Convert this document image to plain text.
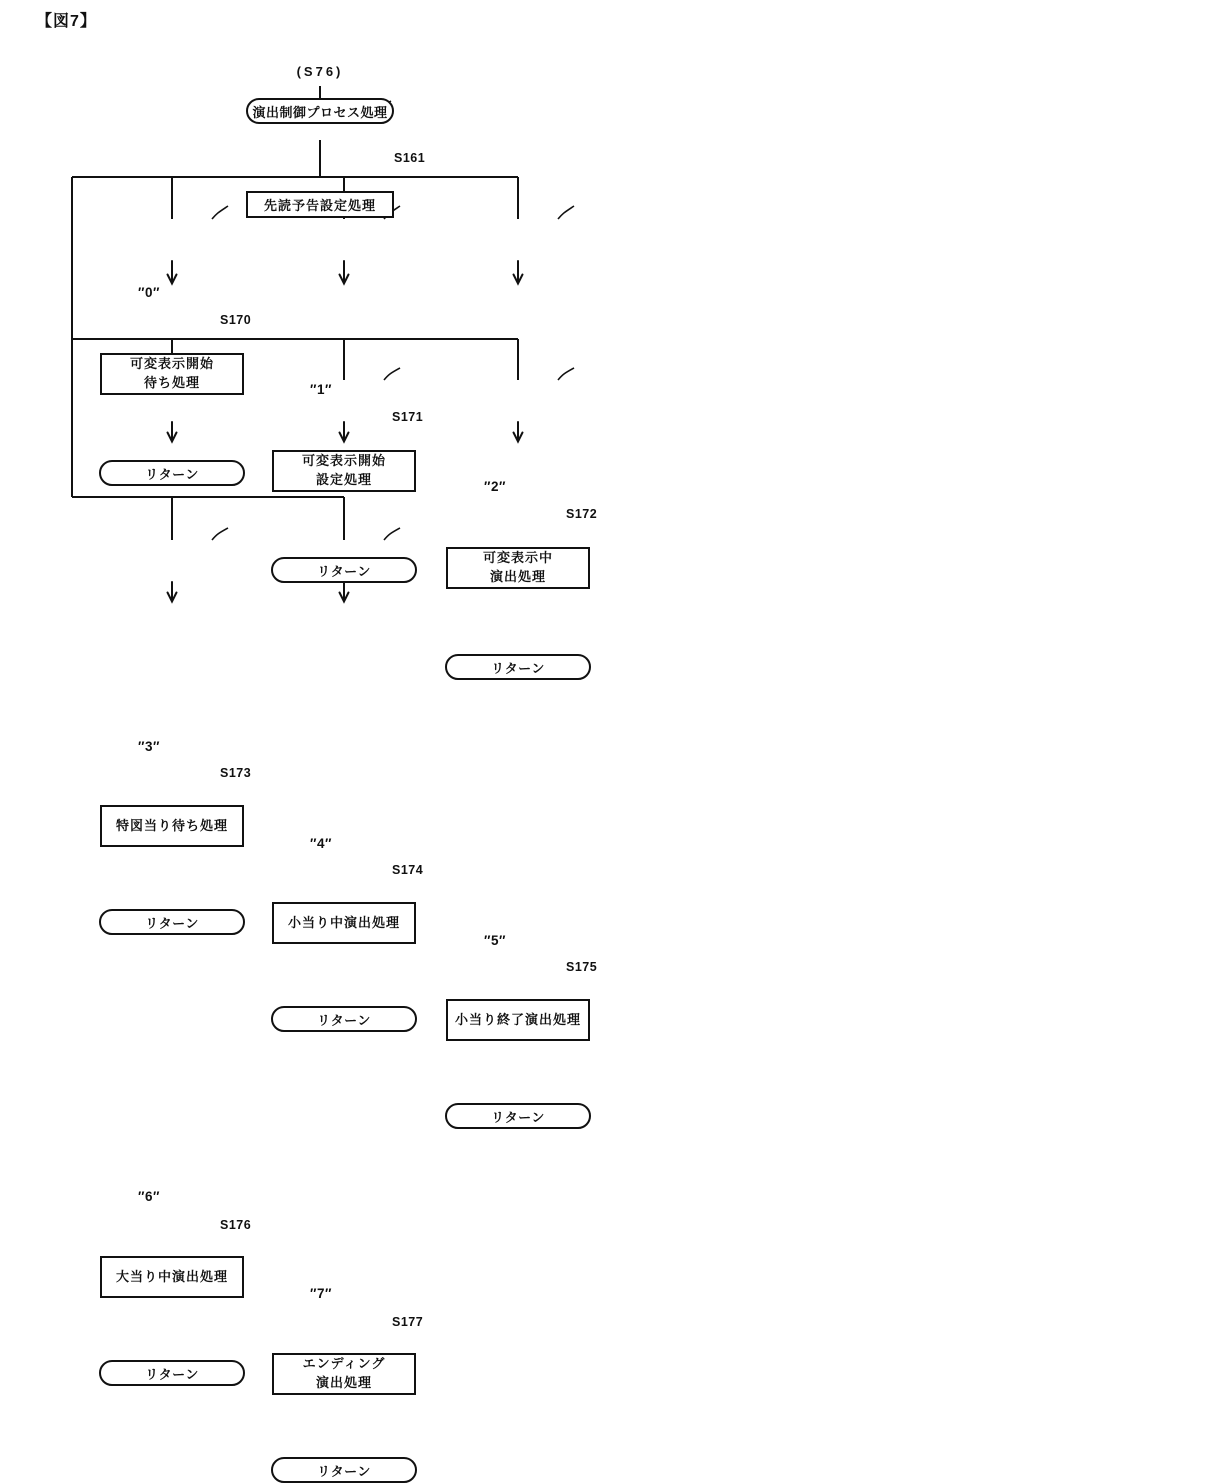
【図7】
(S76)
演出制御プロセス処理
S161
先読予告設定処理
″0″
S170
可変表示開始
待ち処理
リターン
″1″
S171
可変表示開始
設定処理
リターン
″2″
S172
可変表示中
演出処理
リターン
″3″
S173
特図当り待ち処理
リターン
″4″
S174
小当り中演出処理
リターン
″5″
S175
小当り終了演出処理
リターン
″6″
S176
大当り中演出処理
リターン
″7″
S177
エンディング
演出処理
リターン
